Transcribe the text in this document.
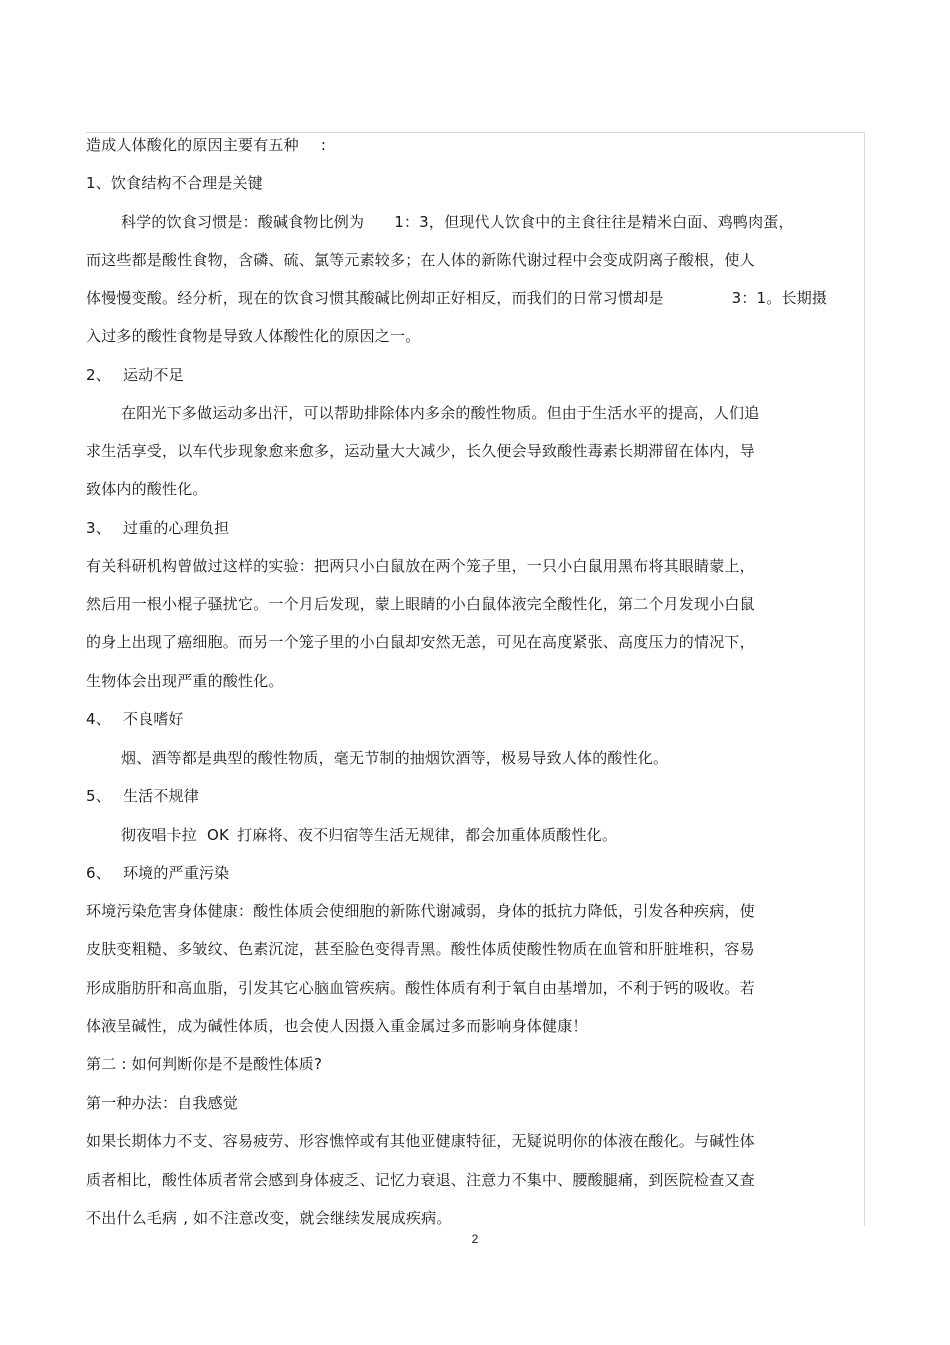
造成人体酸化的原因主要有五种 :
1、饮食结构不合理是关键
科学的饮食习惯是：酸碱食物比例为 1：3，但现代人饮食中的主食往往是精米白面、鸡鸭肉蛋，
而这些都是酸性食物，含磷、硫、氯等元素较多；在人体的新陈代谢过程中会变成阴离子酸根，使人
体慢慢变酸。经分析，现在的饮食习惯其酸碱比例却正好相反，而我们的日常习惯却是	3：1。长期摄
入过多的酸性食物是导致人体酸性化的原因之一。
2、 运动不足
在阳光下多做运动多出汗，可以帮助排除体内多余的酸性物质。但由于生活水平的提高，人们追
求生活享受，以车代步现象愈来愈多，运动量大大减少，长久便会导致酸性毒素长期滞留在体内，导
致体内的酸性化。
3、 过重的心理负担
有关科研机构曾做过这样的实验：把两只小白鼠放在两个笼子里，一只小白鼠用黑布将其眼睛蒙上，
然后用一根小棍子骚扰它。一个月后发现，蒙上眼睛的小白鼠体液完全酸性化，第二个月发现小白鼠
的身上出现了癌细胞。而另一个笼子里的小白鼠却安然无恙，可见在高度紧张、高度压力的情况下，
生物体会出现严重的酸性化。
4、 不良嗜好
烟、酒等都是典型的酸性物质，毫无节制的抽烟饮酒等，极易导致人体的酸性化。
5、 生活不规律
彻夜唱卡拉 OK 打麻将、夜不归宿等生活无规律，都会加重体质酸性化。
6、 环境的严重污染
环境污染危害身体健康：酸性体质会使细胞的新陈代谢减弱，身体的抵抗力降低，引发各种疾病，使
皮肤变粗糙、多皱纹、色素沉淀，甚至脸色变得青黑。酸性体质使酸性物质在血管和肝脏堆积，容易
形成脂肪肝和高血脂，引发其它心脑血管疾病。酸性体质有利于氧自由基增加，不利于钙的吸收。若
体液呈碱性，成为碱性体质，也会使人因摄入重金属过多而影响身体健康！
第二 : 如何判断你是不是酸性体质?
第一种办法：自我感觉
如果长期体力不支、容易疲劳、形容憔悴或有其他亚健康特征，无疑说明你的体液在酸化。与碱性体
质者相比，酸性体质者常会感到身体疲乏、记忆力衰退、注意力不集中、腰酸腿痛，到医院检查又查
不出什么毛病 , 如不注意改变，就会继续发展成疾病。
2
